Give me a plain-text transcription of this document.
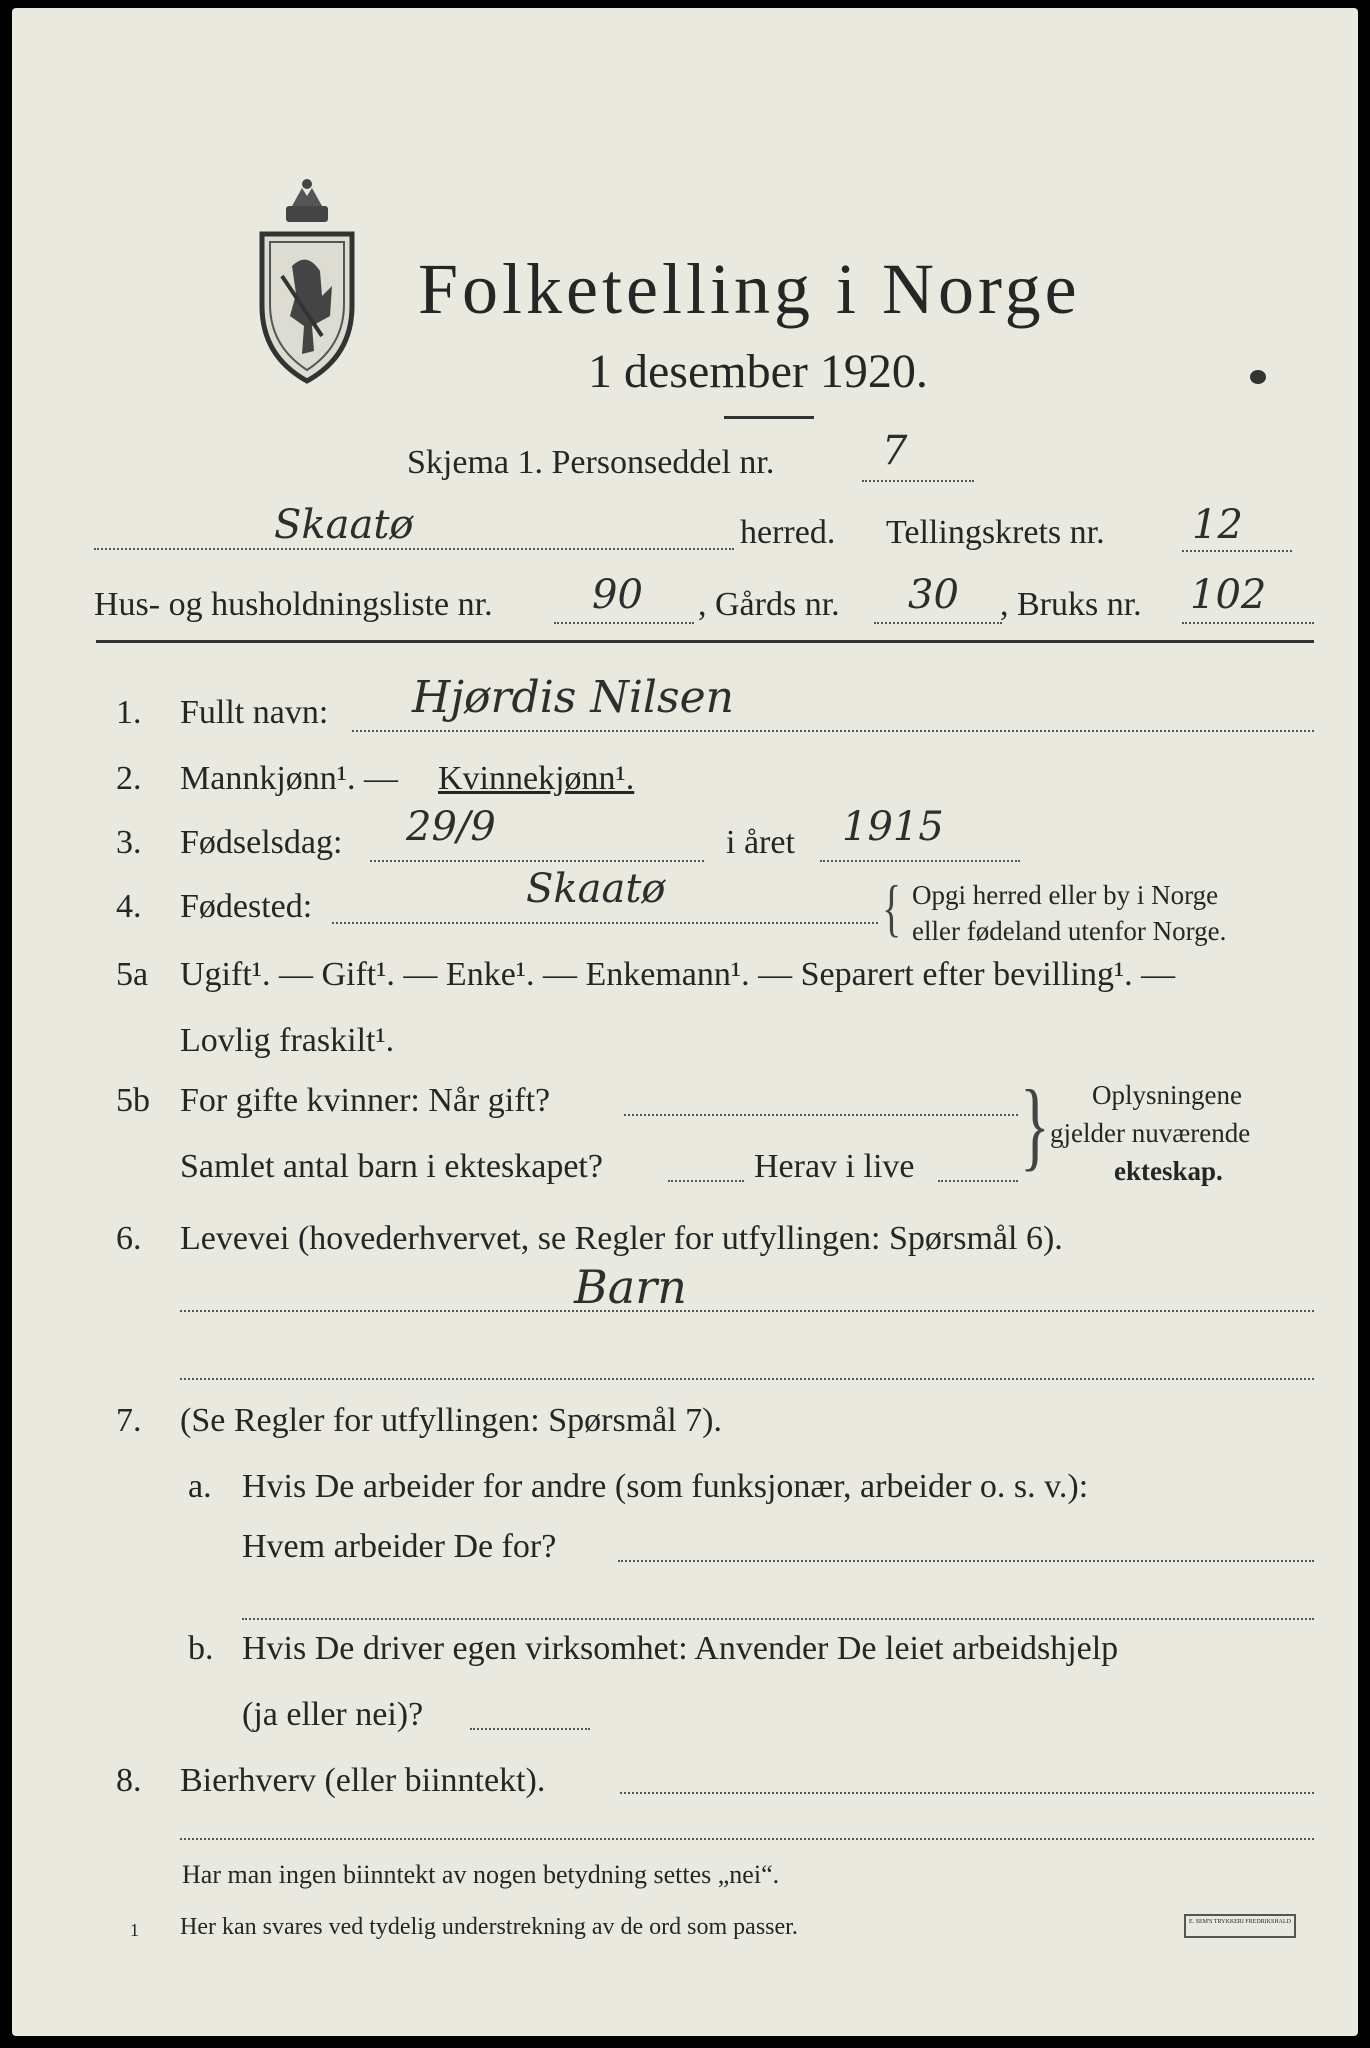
Folketelling i Norge
1 desember 1920.
Skjema 1. Personseddel nr.	7
Skaatø	herred. Tellingskrets nr. 12
Hus- og husholdningsliste nr. 90 , Gårds nr. 30 , Bruks nr. 102
1. Fullt navn: Hjørdis Nilsen
2. Mannkjønn¹. — Kvinnekjønn¹.
3. Fødselsdag: 29/9	i året 1915
4. Fødested:	Skaatø	{ Opgi herred eller by i Norge
eller fødeland utenfor Norge.
5a Ugift¹. — Gift¹. — Enke¹. — Enkemann¹. — Separert efter bevilling¹. —
Lovlig fraskilt¹.
5b For gifte kvinner: Når gift?
Samlet antal barn i ekteskapet?	Herav i live } Oplysningene
gjelder nuværende
ekteskap.
6. Levevei (hovederhvervet, se Regler for utfyllingen: Spørsmål 6).
Barn
7. (Se Regler for utfyllingen: Spørsmål 7).
a. Hvis De arbeider for andre (som funksjonær, arbeider o. s. v.):
Hvem arbeider De for?
b. Hvis De driver egen virksomhet: Anvender De leiet arbeidshjelp
(ja eller nei)?
8. Bierhverv (eller biinntekt).
Har man ingen biinntekt av nogen betydning settes „nei“.
1 Her kan svares ved tydelig understrekning av de ord som passer.	E. SEM'S TRYKKERI FREDRIKSHALD
